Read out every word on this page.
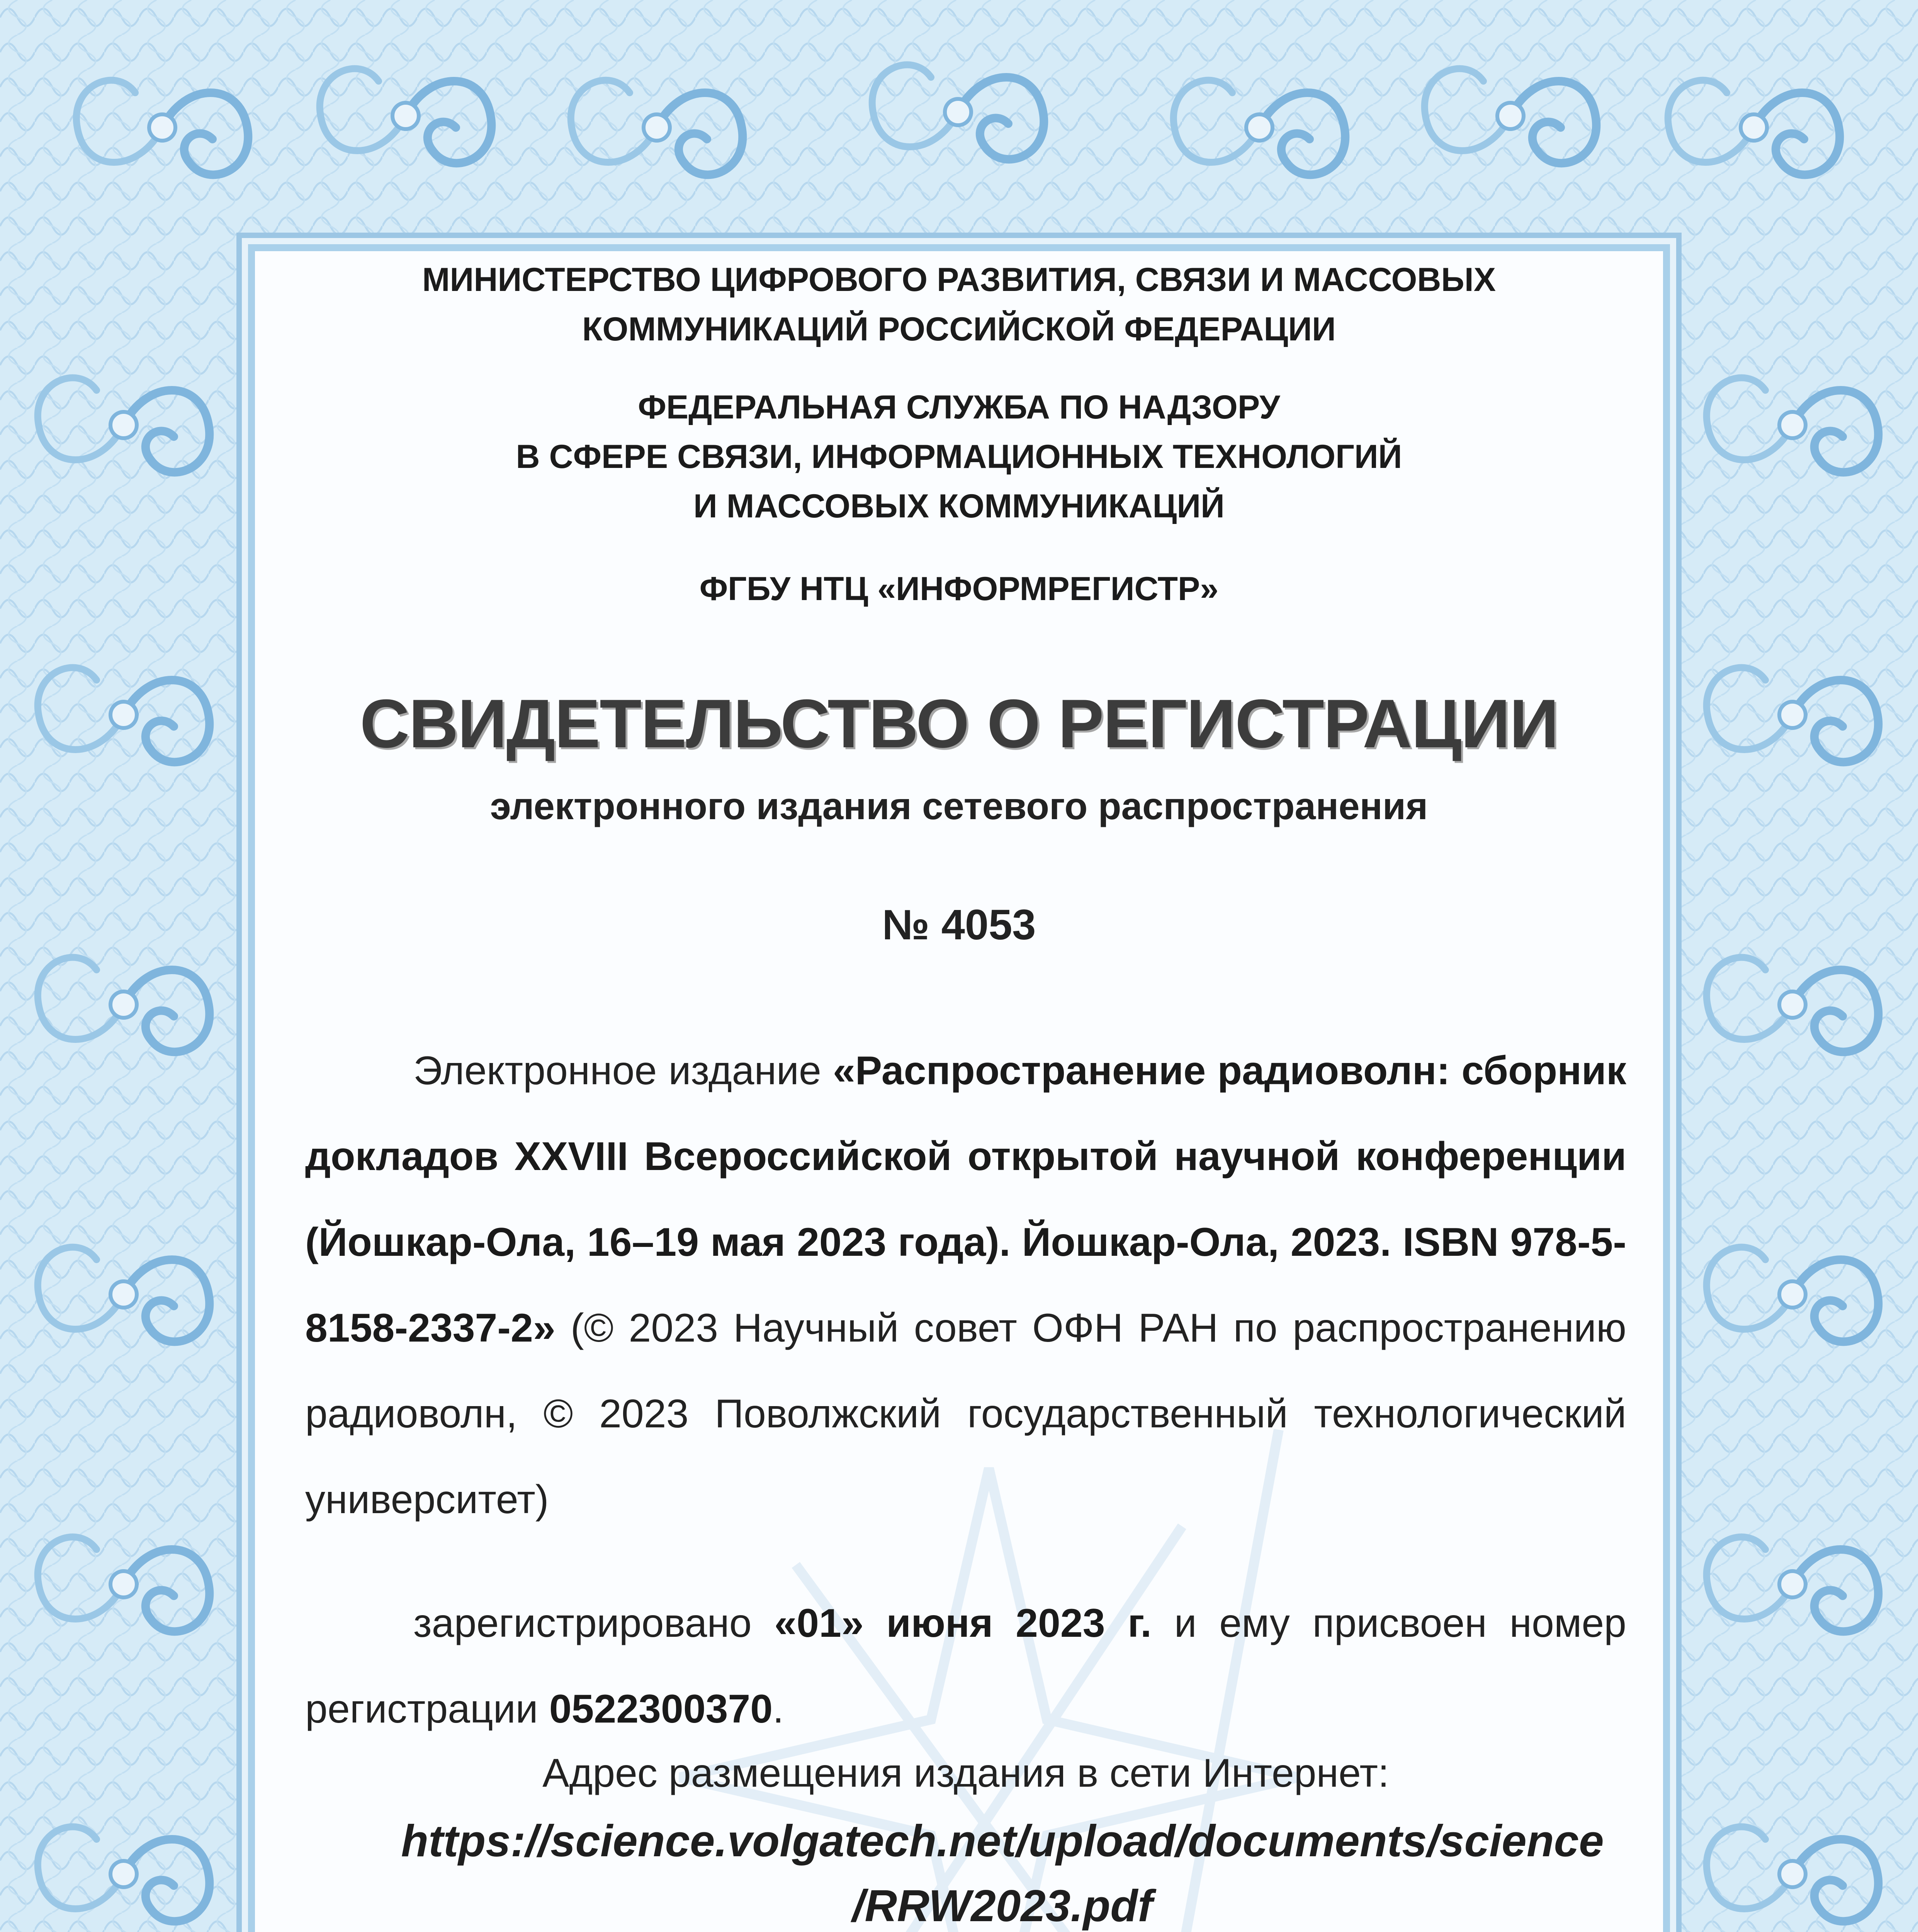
МИНИСТЕРСТВО ЦИФРОВОГО РАЗВИТИЯ, СВЯЗИ И МАССОВЫХ
КОММУНИКАЦИЙ РОССИЙСКОЙ ФЕДЕРАЦИИ
ФЕДЕРАЛЬНАЯ СЛУЖБА ПО НАДЗОРУ
В СФЕРЕ СВЯЗИ, ИНФОРМАЦИОННЫХ ТЕХНОЛОГИЙ
И МАССОВЫХ КОММУНИКАЦИЙ
ФГБУ НТЦ «ИНФОРМРЕГИСТР»
СВИДЕТЕЛЬСТВО О РЕГИСТРАЦИИ
электронного издания сетевого распространения
№ 4053
Электронное издание «Распространение радиоволн: сборник докладов XXVIII Всероссийской открытой научной конференции (Йошкар-Ола, 16–19 мая 2023 года). Йошкар-Ола, 2023. ISBN 978-5-8158-2337-2» (© 2023 Научный совет ОФН РАН по распространению радиоволн, © 2023 Поволжский государственный технологический университет)
зарегистрировано «01» июня 2023 г. и ему присвоен номер регистрации 0522300370.
Адрес размещения издания в сети Интернет:
https://science.volgatech.net/upload/documents/science
/RRW2023.pdf
